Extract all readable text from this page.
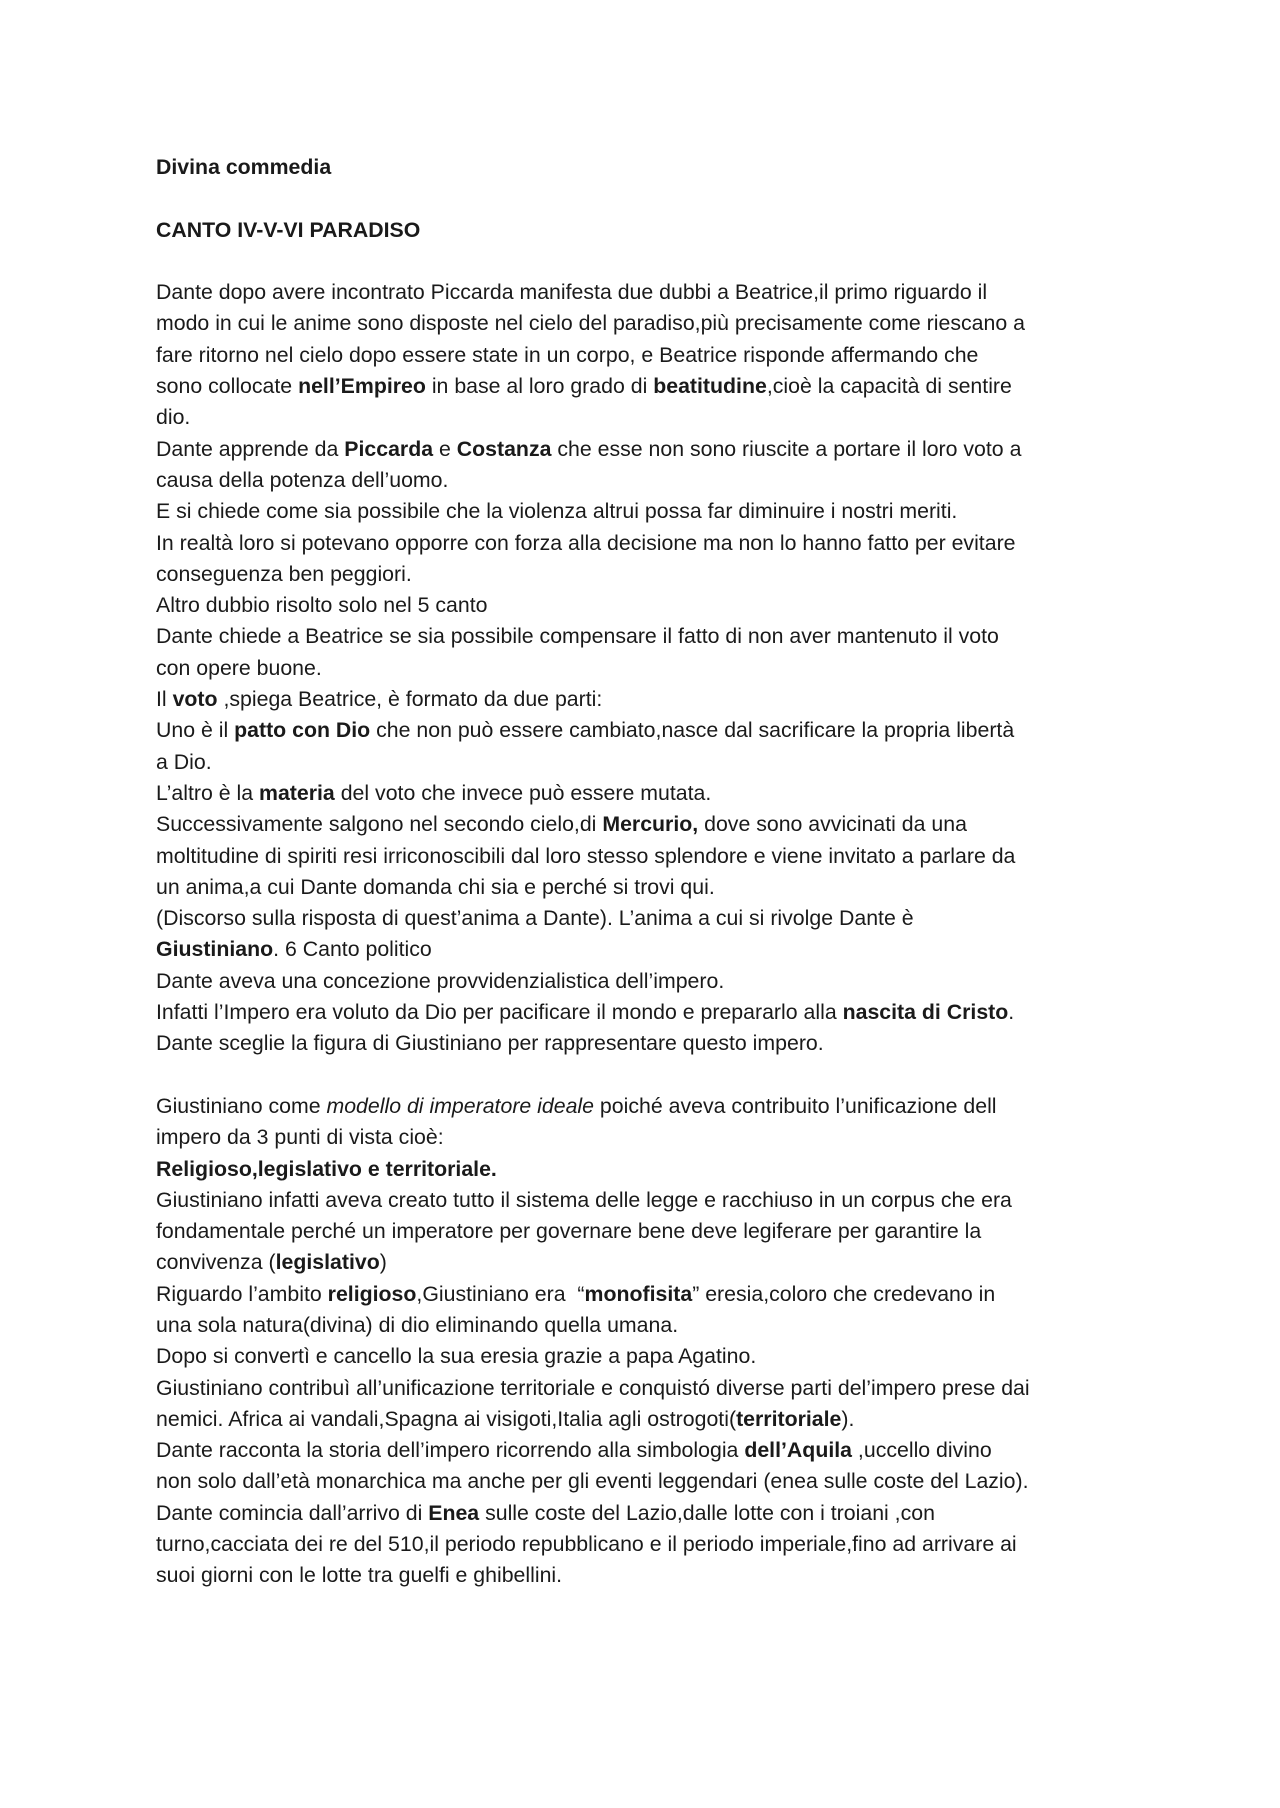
Divina commedia
CANTO IV-V-VI PARADISO
Dante dopo avere incontrato Piccarda manifesta due dubbi a Beatrice,il primo riguardo il
modo in cui le anime sono disposte nel cielo del paradiso,più precisamente come riescano a
fare ritorno nel cielo dopo essere state in un corpo, e Beatrice risponde affermando che
sono collocate nell’Empireo in base al loro grado di beatitudine,cioè la capacità di sentire
dio.
Dante apprende da Piccarda e Costanza che esse non sono riuscite a portare il loro voto a
causa della potenza dell’uomo.
E si chiede come sia possibile che la violenza altrui possa far diminuire i nostri meriti.
In realtà loro si potevano opporre con forza alla decisione ma non lo hanno fatto per evitare
conseguenza ben peggiori.
Altro dubbio risolto solo nel 5 canto
Dante chiede a Beatrice se sia possibile compensare il fatto di non aver mantenuto il voto
con opere buone.
Il voto ,spiega Beatrice, è formato da due parti:
Uno è il patto con Dio che non può essere cambiato,nasce dal sacrificare la propria libertà
a Dio.
L’altro è la materia del voto che invece può essere mutata.
Successivamente salgono nel secondo cielo,di Mercurio, dove sono avvicinati da una
moltitudine di spiriti resi irriconoscibili dal loro stesso splendore e viene invitato a parlare da
un anima,a cui Dante domanda chi sia e perché si trovi qui.
(Discorso sulla risposta di quest’anima a Dante). L’anima a cui si rivolge Dante è
Giustiniano. 6 Canto politico
Dante aveva una concezione provvidenzialistica dell’impero.
Infatti l’Impero era voluto da Dio per pacificare il mondo e prepararlo alla nascita di Cristo.
Dante sceglie la figura di Giustiniano per rappresentare questo impero.
Giustiniano come modello di imperatore ideale poiché aveva contribuito l’unificazione dell
impero da 3 punti di vista cioè:
Religioso,legislativo e territoriale.
Giustiniano infatti aveva creato tutto il sistema delle legge e racchiuso in un corpus che era
fondamentale perché un imperatore per governare bene deve legiferare per garantire la
convivenza (legislativo)
Riguardo l’ambito religioso,Giustiniano era  “monofisita” eresia,coloro che credevano in
una sola natura(divina) di dio eliminando quella umana.
Dopo si convertì e cancello la sua eresia grazie a papa Agatino.
Giustiniano contribuì all’unificazione territoriale e conquistó diverse parti del’impero prese dai
nemici. Africa ai vandali,Spagna ai visigoti,Italia agli ostrogoti(territoriale).
Dante racconta la storia dell’impero ricorrendo alla simbologia dell’Aquila ,uccello divino
non solo dall’età monarchica ma anche per gli eventi leggendari (enea sulle coste del Lazio).
Dante comincia dall’arrivo di Enea sulle coste del Lazio,dalle lotte con i troiani ,con
turno,cacciata dei re del 510,il periodo repubblicano e il periodo imperiale,fino ad arrivare ai
suoi giorni con le lotte tra guelfi e ghibellini.
